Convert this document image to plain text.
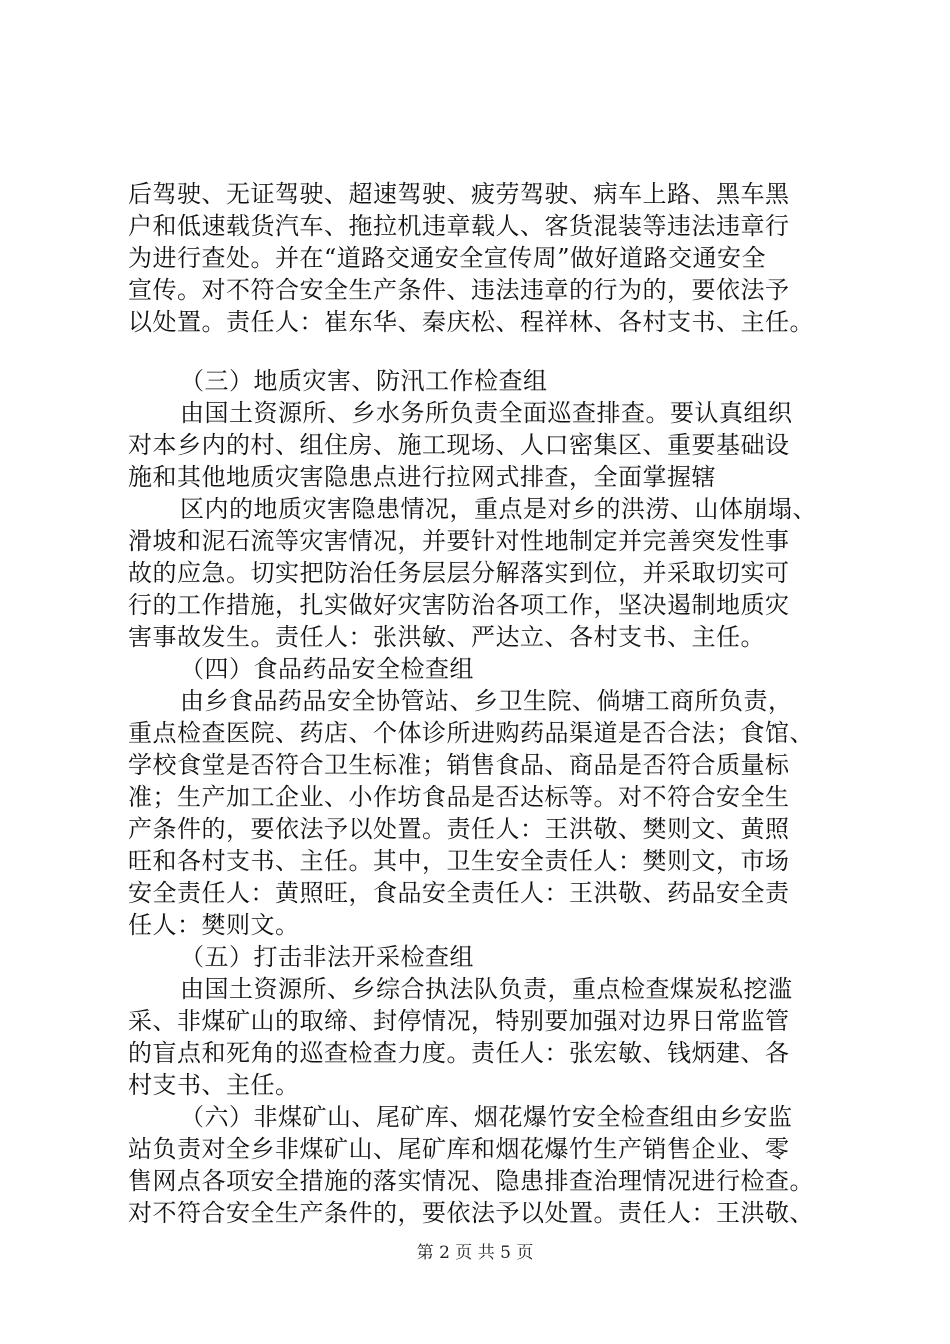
后驾驶、无证驾驶、超速驾驶、疲劳驾驶、病车上路、黑车黑
户和低速载货汽车、拖拉机违章载人、客货混装等违法违章行
为进行查处。并在“道路交通安全宣传周”做好道路交通安全
宣传。对不符合安全生产条件、违法违章的行为的，要依法予
以处置。责任人：崔东华、秦庆松、程祥林、各村支书、主任。
（三）地质灾害、防汛工作检查组
由国土资源所、乡水务所负责全面巡查排查。要认真组织
对本乡内的村、组住房、施工现场、人口密集区、重要基础设
施和其他地质灾害隐患点进行拉网式排查，全面掌握辖
区内的地质灾害隐患情况，重点是对乡的洪涝、山体崩塌、
滑坡和泥石流等灾害情况，并要针对性地制定并完善突发性事
故的应急。切实把防治任务层层分解落实到位，并采取切实可
行的工作措施，扎实做好灾害防治各项工作，坚决遏制地质灾
害事故发生。责任人：张洪敏、严达立、各村支书、主任。
（四）食品药品安全检查组
由乡食品药品安全协管站、乡卫生院、倘塘工商所负责，
重点检查医院、药店、个体诊所进购药品渠道是否合法；食馆、
学校食堂是否符合卫生标准；销售食品、商品是否符合质量标
准；生产加工企业、小作坊食品是否达标等。对不符合安全生
产条件的，要依法予以处置。责任人：王洪敬、樊则文、黄照
旺和各村支书、主任。其中，卫生安全责任人：樊则文，市场
安全责任人：黄照旺，食品安全责任人：王洪敬、药品安全责
任人：樊则文。
（五）打击非法开采检查组
由国土资源所、乡综合执法队负责，重点检查煤炭私挖滥
采、非煤矿山的取缔、封停情况，特别要加强对边界日常监管
的盲点和死角的巡查检查力度。责任人：张宏敏、钱炳建、各
村支书、主任。
（六）非煤矿山、尾矿库、烟花爆竹安全检查组由乡安监
站负责对全乡非煤矿山、尾矿库和烟花爆竹生产销售企业、零
售网点各项安全措施的落实情况、隐患排查治理情况进行检查。
对不符合安全生产条件的，要依法予以处置。责任人：王洪敬、
第 2 页 共 5 页
